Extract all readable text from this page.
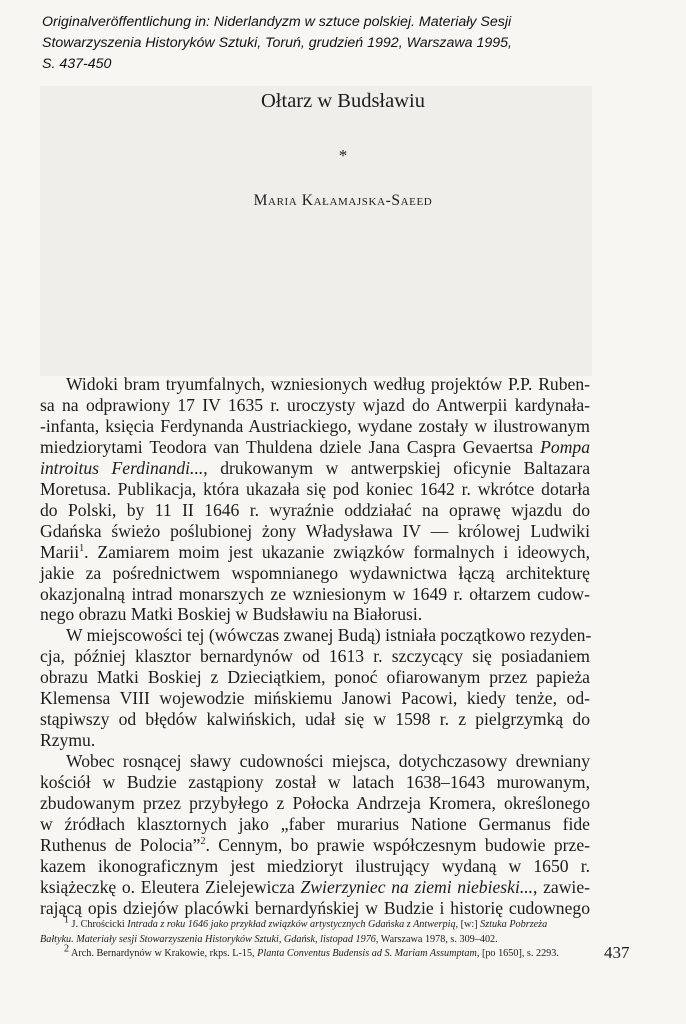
Originalveröffentlichung in: Niderlandyzm w sztuce polskiej. Materiały Sesji
Stowarzyszenia Historyków Sztuki, Toruń, grudzień 1992, Warszawa 1995,
S. 437-450
Ołtarz w Budsławiu
*
Maria Kałamajska-Saeed
Widoki bram tryumfalnych, wzniesionych według projektów P.P. Ruben-
sa na odprawiony 17 IV 1635 r. uroczysty wjazd do Antwerpii kardynała-
-infanta, księcia Ferdynanda Austriackiego, wydane zostały w ilustrowanym
miedziorytami Teodora van Thuldena dziele Jana Caspra Gevaertsa Pompa
introitus Ferdinandi..., drukowanym w antwerpskiej oficynie Baltazara
Moretusa. Publikacja, która ukazała się pod koniec 1642 r. wkrótce dotarła
do Polski, by 11 II 1646 r. wyraźnie oddziałać na oprawę wjazdu do
Gdańska świeżo poślubionej żony Władysława IV — królowej Ludwiki
Marii$^1$. Zamiarem moim jest ukazanie związków formalnych i ideowych,
jakie za pośrednictwem wspomnianego wydawnictwa łączą architekturę
okazjonalną intrad monarszych ze wzniesionym w 1649 r. ołtarzem cudow-
nego obrazu Matki Boskiej w Budsławiu na Białorusi.
W miejscowości tej (wówczas zwanej Budą) istniała początkowo rezyden-
cja, później klasztor bernardynów od 1613 r. szczycący się posiadaniem
obrazu Matki Boskiej z Dzieciątkiem, ponoć ofiarowanym przez papieża
Klemensa VIII wojewodzie mińskiemu Janowi Pacowi, kiedy tenże, od-
stąpiwszy od błędów kalwińskich, udał się w 1598 r. z pielgrzymką do
Rzymu.
Wobec rosnącej sławy cudowności miejsca, dotychczasowy drewniany
kościół w Budzie zastąpiony został w latach 1638–1643 murowanym,
zbudowanym przez przybyłego z Połocka Andrzeja Kromera, określonego
w źródłach klasztornych jako „faber murarius Natione Germanus fide
Ruthenus de Polocia”$^2$. Cennym, bo prawie współczesnym budowie prze-
kazem ikonograficznym jest miedzioryt ilustrujący wydaną w 1650 r.
książeczkę o. Eleutera Zielejewicza Zwierzyniec na ziemi niebieski..., zawie-
rającą opis dziejów placówki bernardyńskiej w Budzie i historię cudownego
$^1$ J. Chrościcki Intrada z roku 1646 jako przykład związków artystycznych Gdańska z Antwerpią, [w:] Sztuka Pobrzeża
Bałtyku. Materiały sesji Stowarzyszenia Historyków Sztuki, Gdańsk, listopad 1976, Warszawa 1978, s. 309–402.
$^2$ Arch. Bernardynów w Krakowie, rkps. L-15, Planta Conventus Budensis ad S. Mariam Assumptam, [po 1650], s. 2293.	437
